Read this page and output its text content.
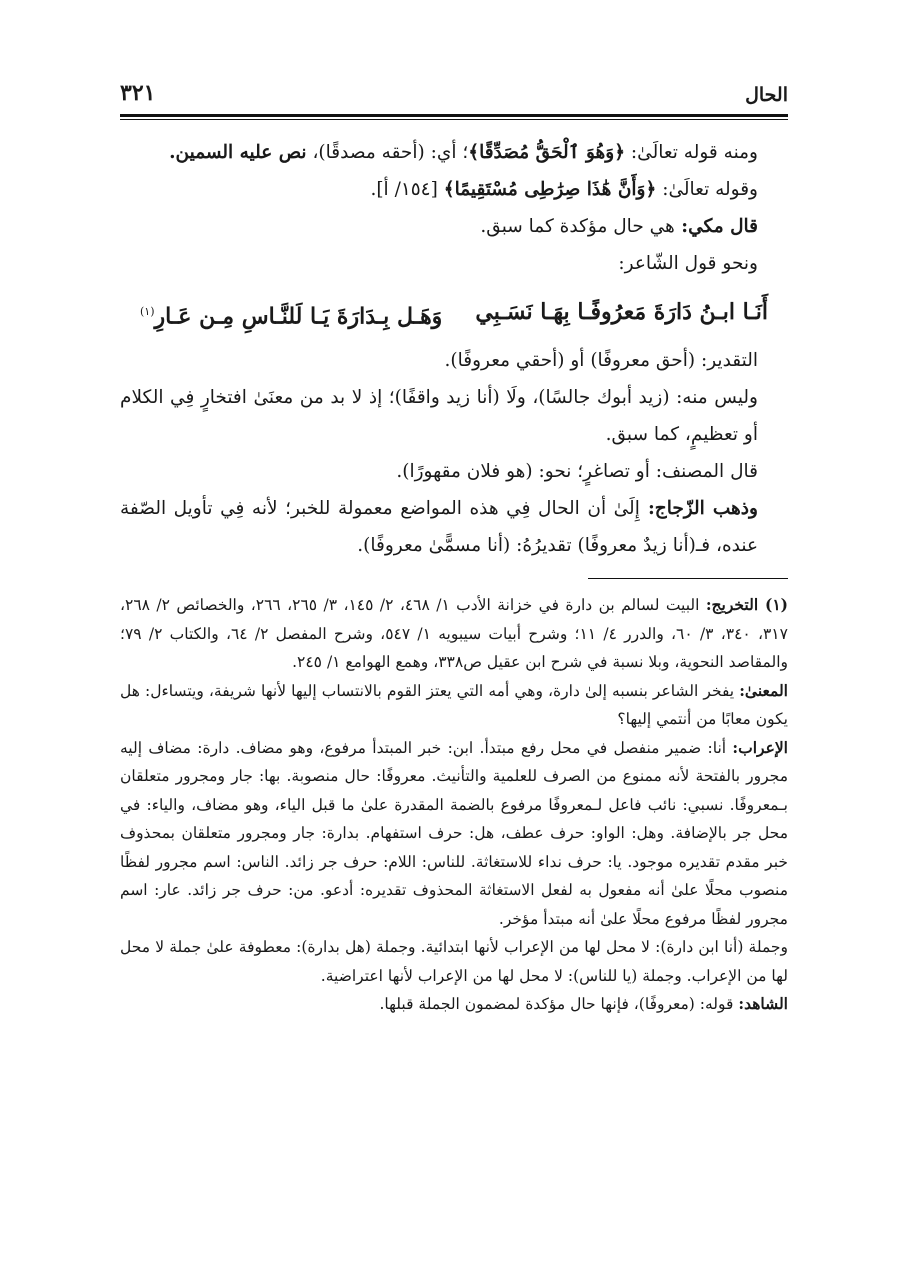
الحال
٣٢١

ومنه قوله تعالَىٰ: ﴿وَهُوَ ٱلْحَقُّ مُصَدِّقًا﴾؛ أي: (أحقه مصدقًا)، نص عليه السمين.

وقوله تعالَىٰ: ﴿وَأَنَّ هَٰذَا صِرَٰطِى مُسْتَقِيمًا﴾ [١٥٤/ أ].

قال مكي: هي حال مؤكدة كما سبق.

ونحو قول الشّاعر:

أَنَـا ابـنُ دَارَةَ مَعرُوفًـا بِهَـا نَسَـبِي
وَهَـل بِـدَارَةَ يَـا لَلنَّـاسِ مِـن عَـارِ$^{(١)}$

التقدير: (أحق معروفًا) أو (أحقي معروفًا).

وليس منه: (زيد أبوك جالسًا)، ولَا (أنا زيد واقفًا)؛ إذ لا بد من معنَىٰ افتخارٍ فِي الكلام أو تعظيمٍ، كما سبق.

قال المصنف: أو تصاغرٍ؛ نحو: (هو فلان مقهورًا).

وذهب الزّجاج: إِلَىٰ أن الحال فِي هذه المواضع معمولة للخبر؛ لأنه فِي تأويل الصّفة عنده، فـ(أنا زيدٌ معروفًا) تقديرُهُ: (أنا مسمًّىٰ معروفًا).

(١) التخريج: البيت لسالم بن دارة في خزانة الأدب ١/ ٤٦٨، ٢/ ١٤٥، ٣/ ٢٦٥، ٢٦٦، والخصائص ٢/ ٢٦٨، ٣١٧، ٣٤٠، ٣/ ٦٠، والدرر ٤/ ١١؛ وشرح أبيات سيبويه ١/ ٥٤٧، وشرح المفصل ٢/ ٦٤، والكتاب ٢/ ٧٩؛ والمقاصد النحوية، وبلا نسبة في شرح ابن عقيل ص٣٣٨، وهمع الهوامع ١/ ٢٤٥.

المعنىٰ: يفخر الشاعر بنسبه إلىٰ دارة، وهي أمه التي يعتز القوم بالانتساب إليها لأنها شريفة، ويتساءل: هل يكون معابًا من أنتمي إليها؟

الإعراب: أنا: ضمير منفصل في محل رفع مبتدأ. ابن: خبر المبتدأ مرفوع، وهو مضاف. دارة: مضاف إليه مجرور بالفتحة لأنه ممنوع من الصرف للعلمية والتأنيث. معروفًا: حال منصوبة. بها: جار ومجرور متعلقان بـمعروفًا. نسبي: نائب فاعل لـمعروفًا مرفوع بالضمة المقدرة علىٰ ما قبل الياء، وهو مضاف، والياء: في محل جر بالإضافة. وهل: الواو: حرف عطف، هل: حرف استفهام. بدارة: جار ومجرور متعلقان بمحذوف خبر مقدم تقديره موجود. يا: حرف نداء للاستغاثة. للناس: اللام: حرف جر زائد. الناس: اسم مجرور لفظًا منصوب محلًا علىٰ أنه مفعول به لفعل الاستغاثة المحذوف تقديره: أدعو. من: حرف جر زائد. عار: اسم مجرور لفظًا مرفوع محلًا علىٰ أنه مبتدأ مؤخر.

وجملة (أنا ابن دارة): لا محل لها من الإعراب لأنها ابتدائية. وجملة (هل بدارة): معطوفة علىٰ جملة لا محل لها من الإعراب. وجملة (يا للناس): لا محل لها من الإعراب لأنها اعتراضية.

الشاهد: قوله: (معروفًا)، فإنها حال مؤكدة لمضمون الجملة قبلها.
